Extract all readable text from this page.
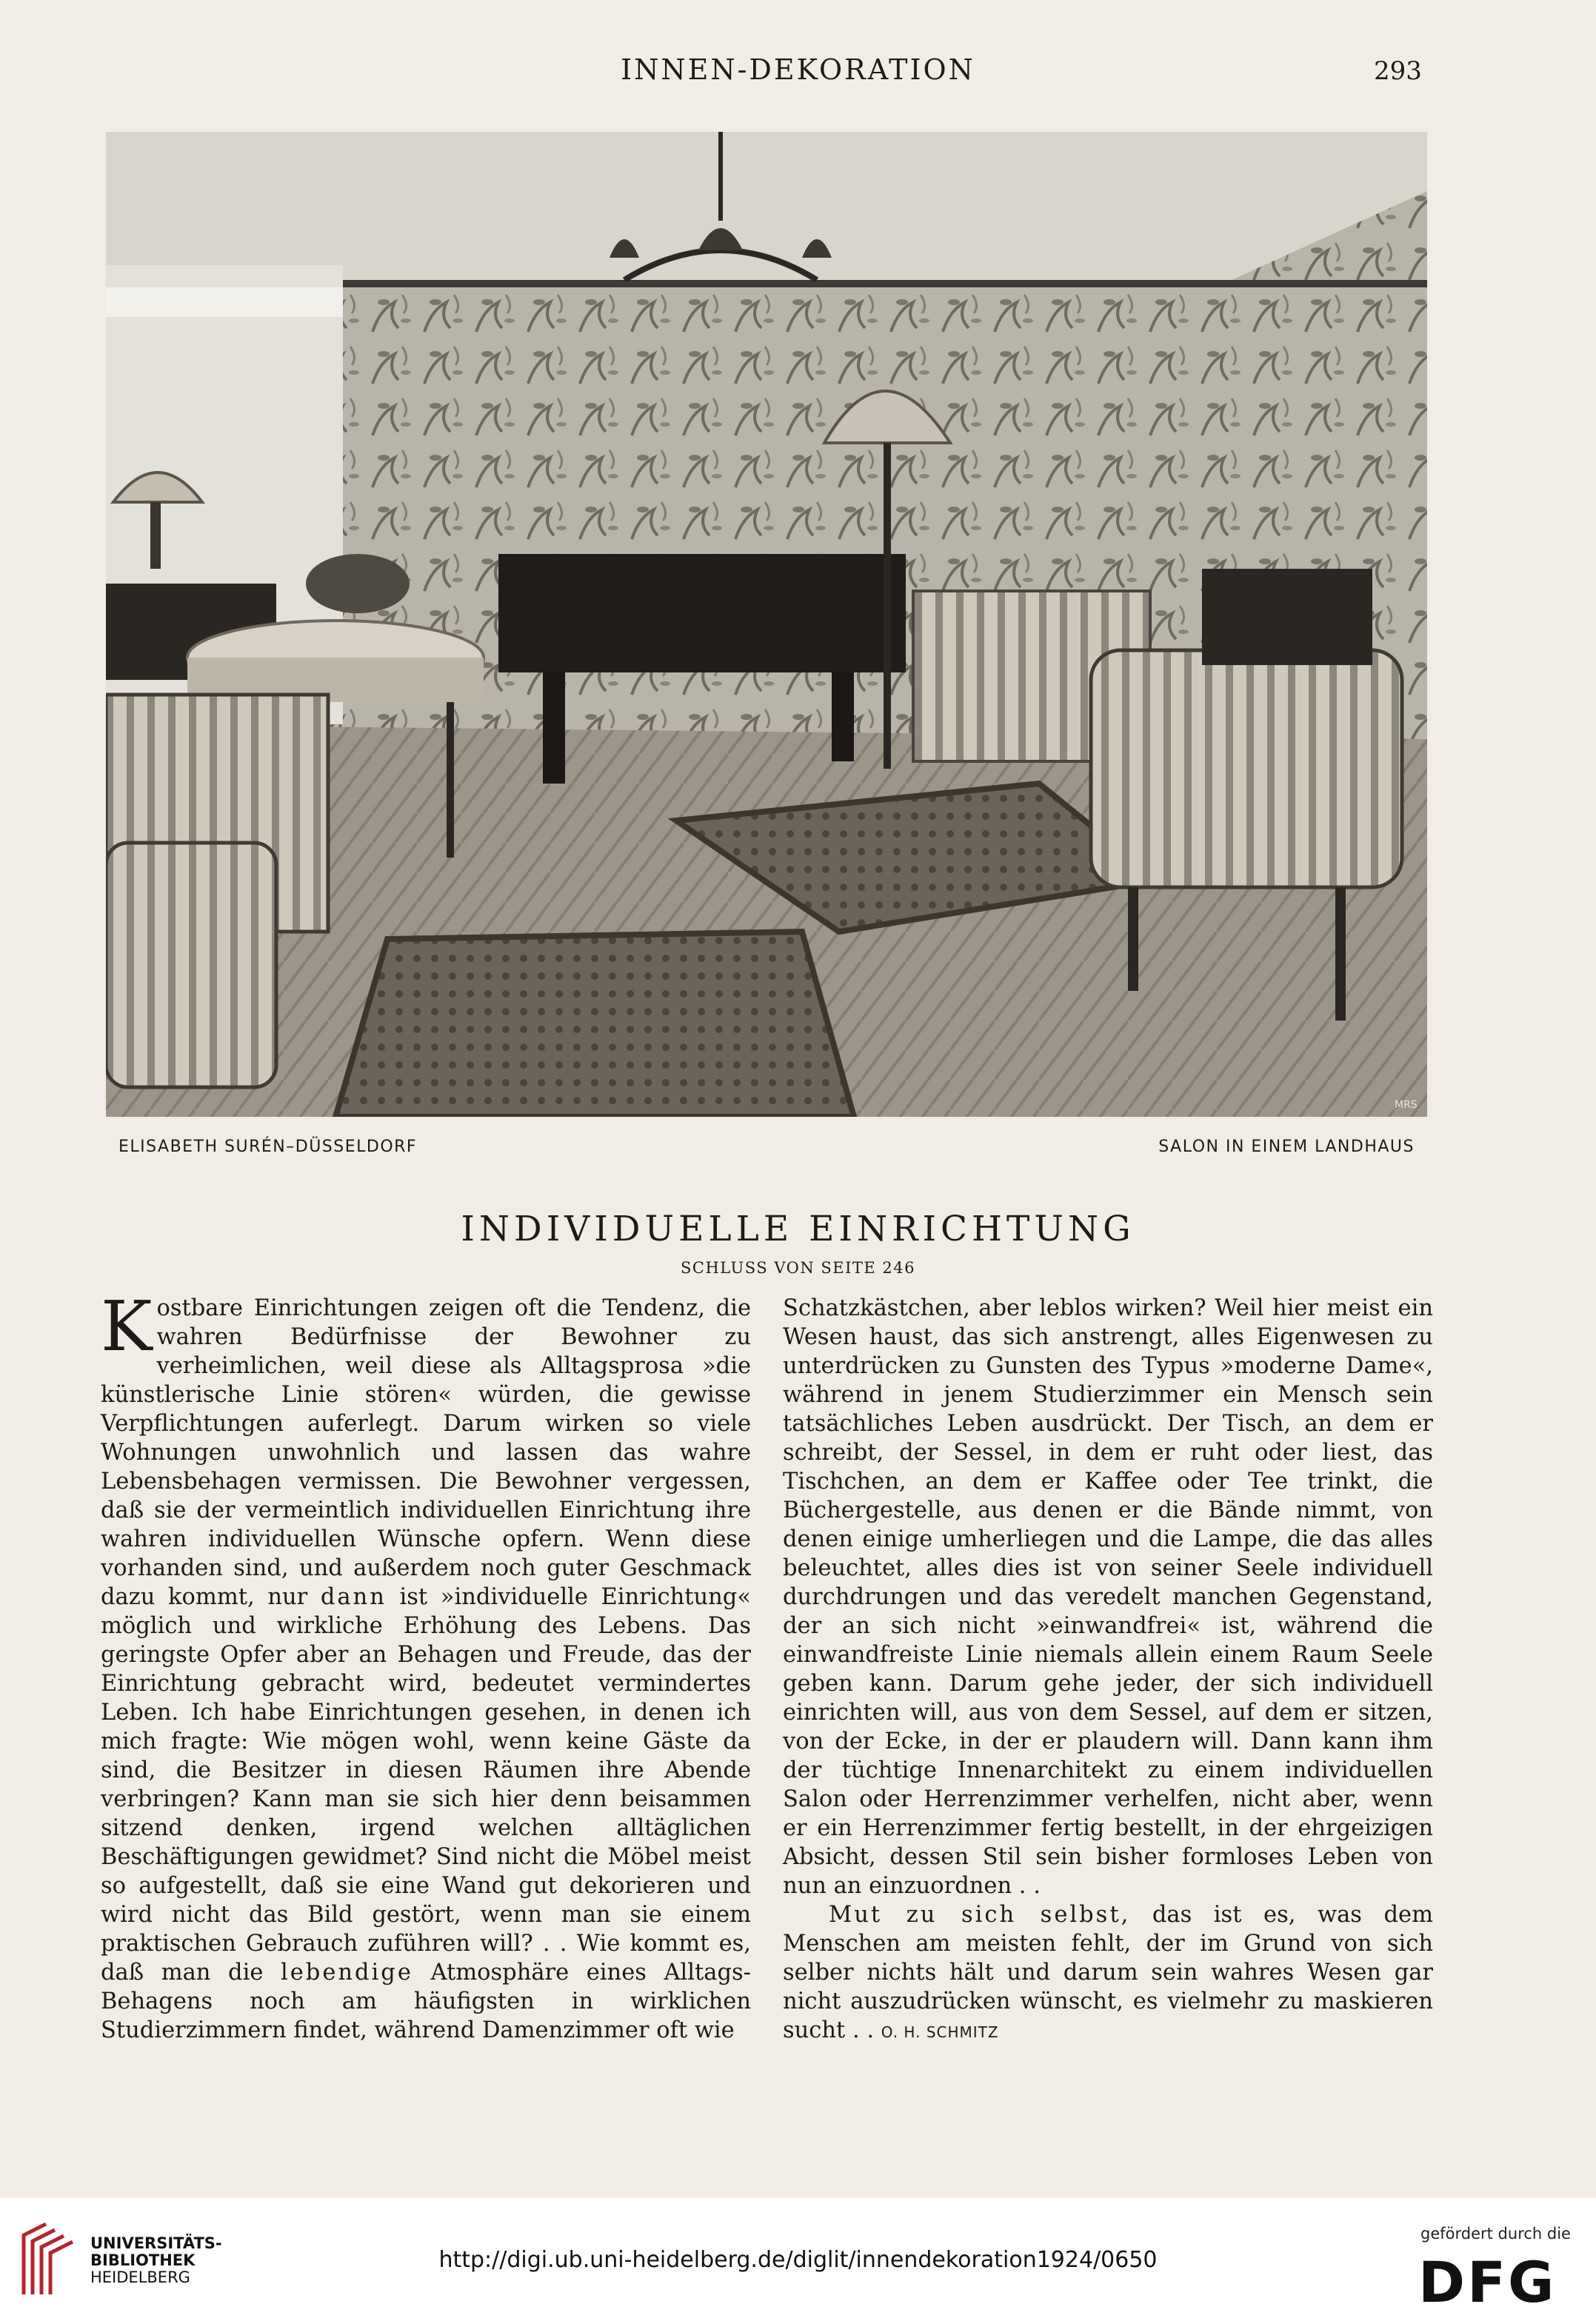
INNEN-DEKORATION	293
MRS
ELISABETH SURÉN–DÜSSELDORF	SALON IN EINEM LANDHAUS
INDIVIDUELLE EINRICHTUNG
SCHLUSS VON SEITE 246

Kostbare Einrichtungen zeigen oft die Tendenz, die wahren Bedürfnisse der Bewohner zu verheimlichen, weil diese als Alltagsprosa »die künstlerische Linie stören« würden, die gewisse Verpflichtungen auferlegt. Darum wirken so viele Wohnungen unwohnlich und lassen das wahre Lebensbehagen vermissen. Die Bewohner vergessen, daß sie der vermeintlich individuellen Einrichtung ihre wahren individuellen Wünsche opfern. Wenn diese vorhanden sind, und außerdem noch guter Geschmack dazu kommt, nur dann ist »individuelle Einrichtung« möglich und wirkliche Erhöhung des Lebens. Das geringste Opfer aber an Behagen und Freude, das der Einrichtung gebracht wird, bedeutet vermindertes Leben. Ich habe Einrichtungen gesehen, in denen ich mich fragte: Wie mögen wohl, wenn keine Gäste da sind, die Besitzer in diesen Räumen ihre Abende verbringen? Kann man sie sich hier denn beisammen sitzend denken, irgend welchen alltäglichen Beschäftigungen gewidmet? Sind nicht die Möbel meist so aufgestellt, daß sie eine Wand gut dekorieren und wird nicht das Bild gestört, wenn man sie einem praktischen Gebrauch zuführen will? . . Wie kommt es, daß man die lebendige Atmosphäre eines Alltags-Behagens noch am häufigsten in wirklichen Studierzimmern findet, während Damenzimmer oft wie

Schatzkästchen, aber leblos wirken? Weil hier meist ein Wesen haust, das sich anstrengt, alles Eigenwesen zu unterdrücken zu Gunsten des Typus »moderne Dame«, während in jenem Studierzimmer ein Mensch sein tatsächliches Leben ausdrückt. Der Tisch, an dem er schreibt, der Sessel, in dem er ruht oder liest, das Tischchen, an dem er Kaffee oder Tee trinkt, die Büchergestelle, aus denen er die Bände nimmt, von denen einige umherliegen und die Lampe, die das alles beleuchtet, alles dies ist von seiner Seele individuell durchdrungen und das veredelt manchen Gegenstand, der an sich nicht »einwandfrei« ist, während die einwandfreiste Linie niemals allein einem Raum Seele geben kann. Darum gehe jeder, der sich individuell einrichten will, aus von dem Sessel, auf dem er sitzen, von der Ecke, in der er plaudern will. Dann kann ihm der tüchtige Innenarchitekt zu einem individuellen Salon oder Herrenzimmer verhelfen, nicht aber, wenn er ein Herrenzimmer fertig bestellt, in der ehrgeizigen Absicht, dessen Stil sein bisher formloses Leben von nun an einzuordnen . .

Mut zu sich selbst, das ist es, was dem Menschen am meisten fehlt, der im Grund von sich selber nichts hält und darum sein wahres Wesen gar nicht auszudrücken wünscht, es vielmehr zu maskieren sucht . . O. H. SCHMITZ

UNIVERSITÄTS-
BIBLIOTHEK
HEIDELBERG
http://digi.ub.uni-heidelberg.de/diglit/innendekoration1924/0650
gefördert durch die
DFG
